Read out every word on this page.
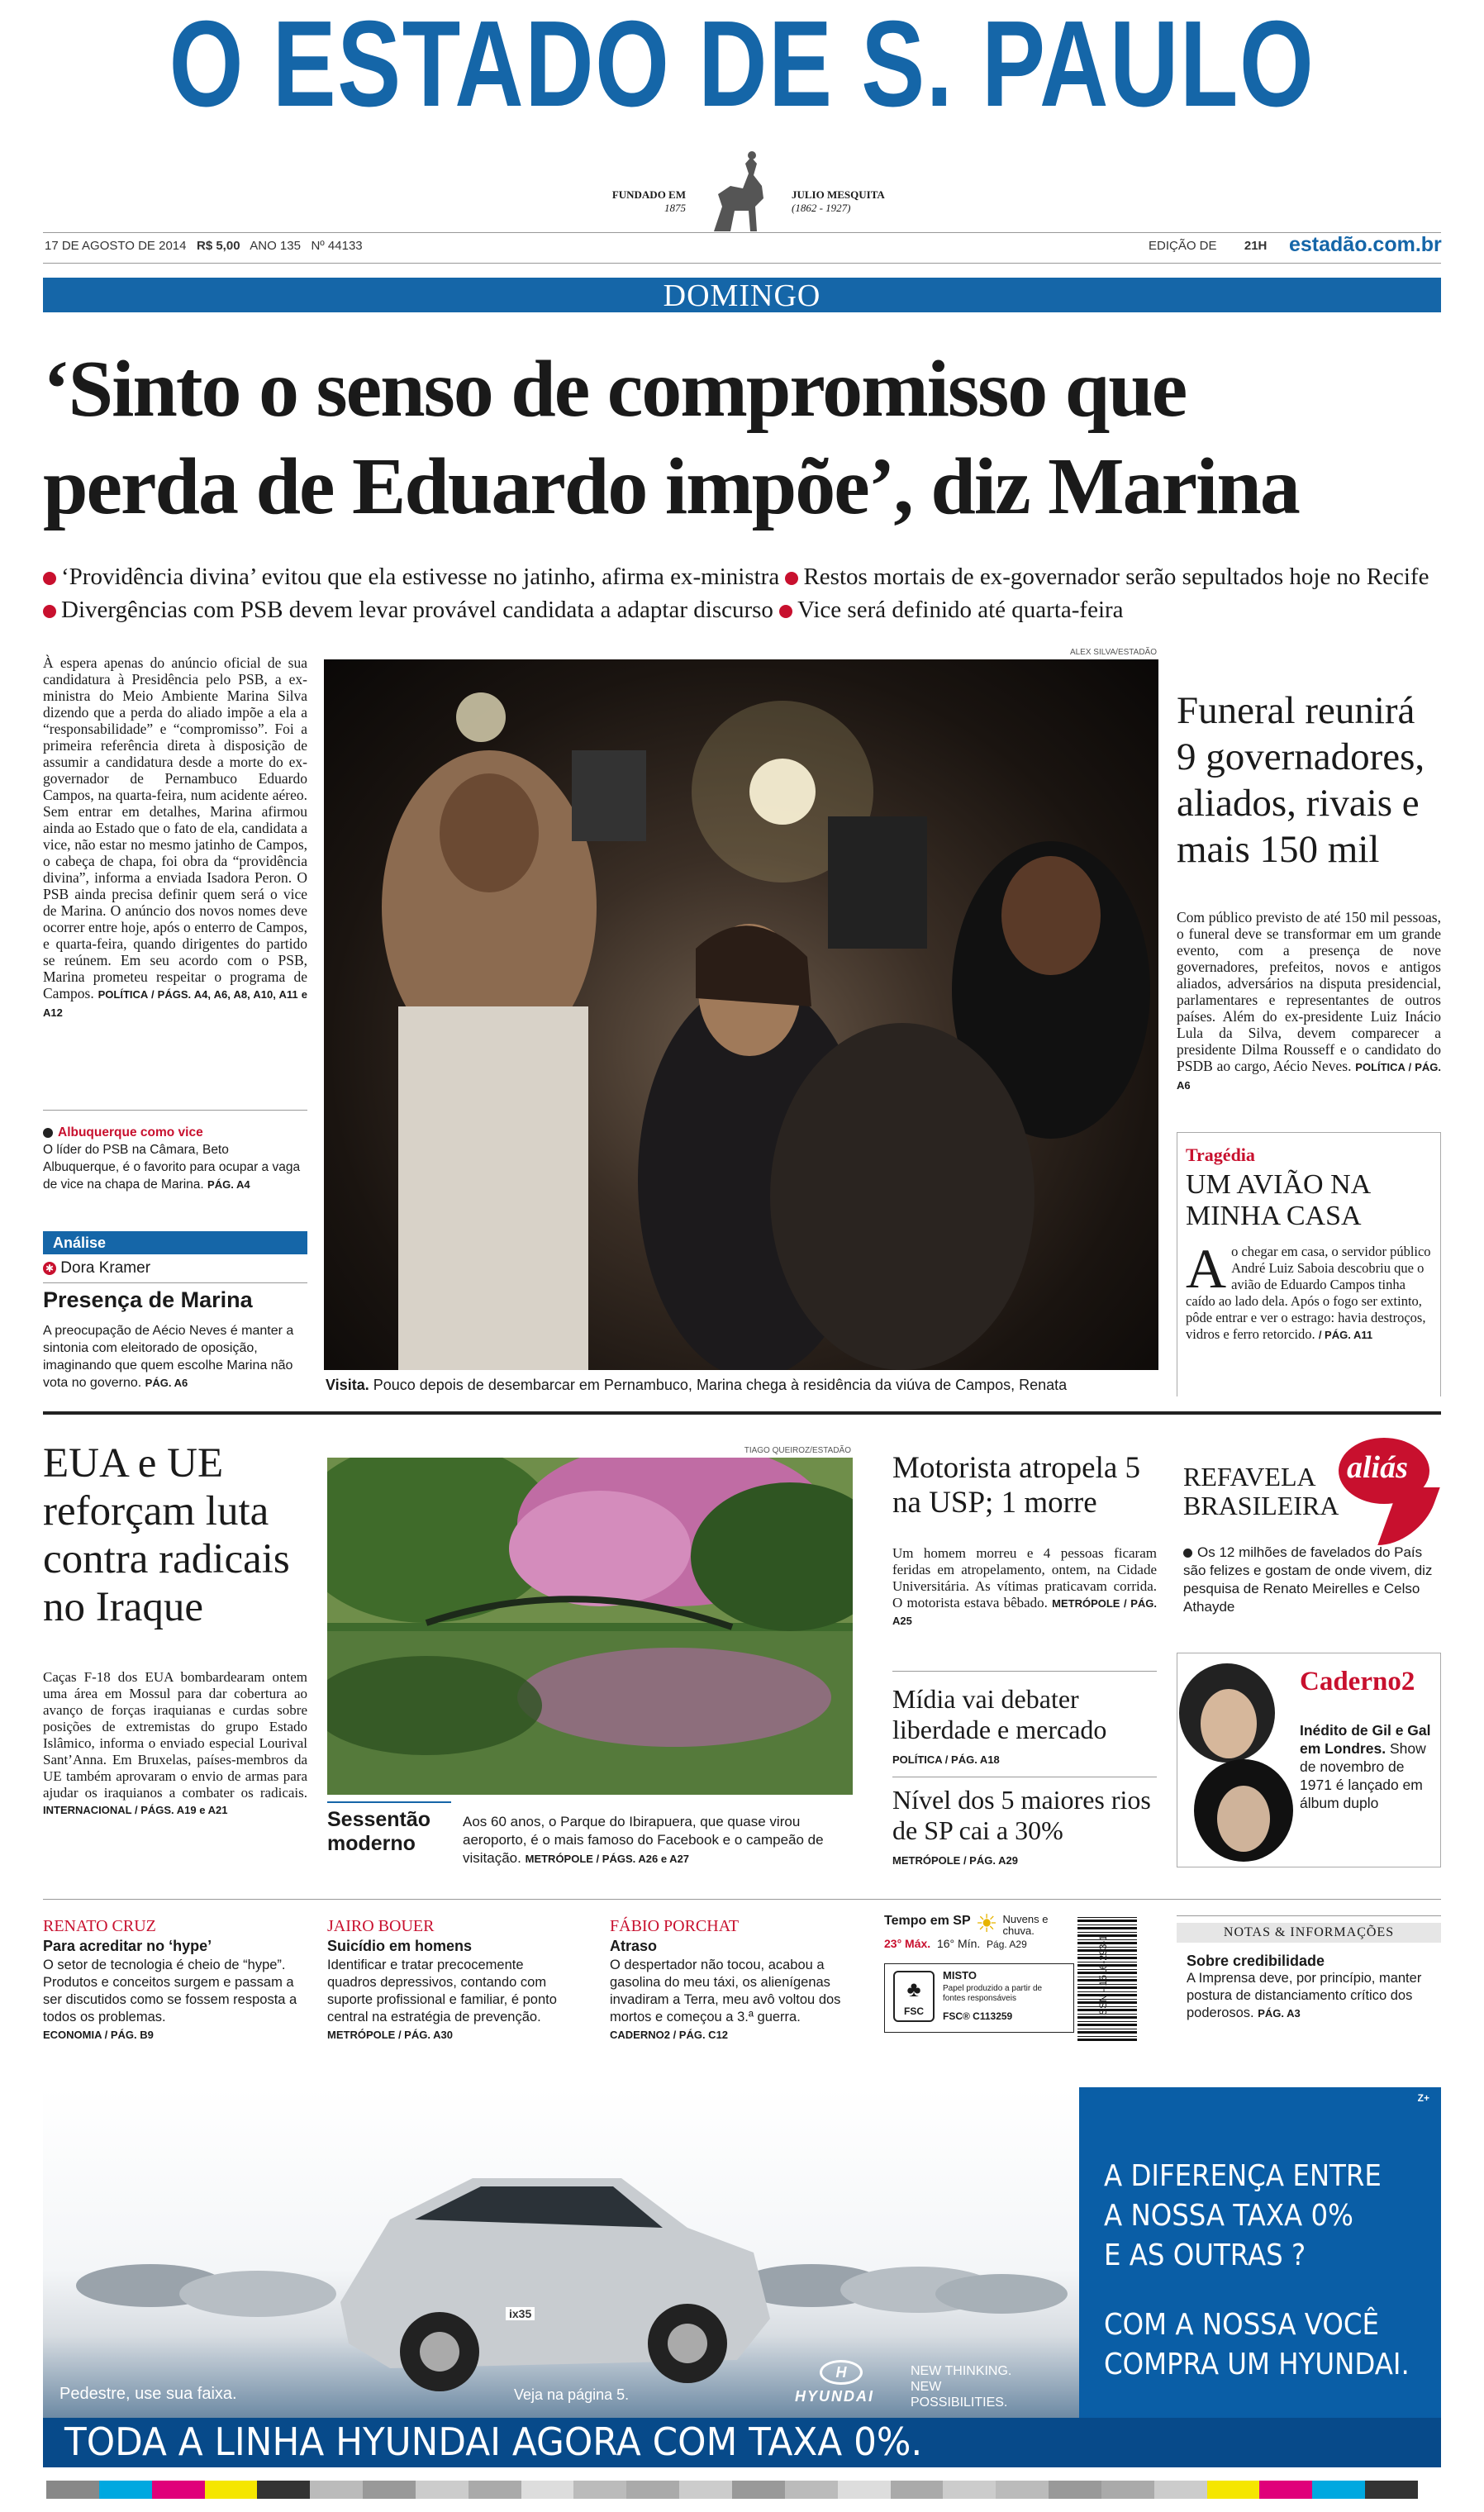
O ESTADO DE S. PAULO
FUNDADO EM
1875
JULIO MESQUITA
(1862 - 1927)
17 DE AGOSTO DE 2014 R$ 5,00 ANO 135 Nº 44133	EDIÇÃO DE 21H estadão.com.br
DOMINGO
‘Sinto o senso de compromisso que
perda de Eduardo impõe’, diz Marina
‘Providência divina’ evitou que ela estivesse no jatinho, afirma ex-ministra Restos mortais de ex-governador serão sepultados hoje no Recife Divergências com PSB devem levar provável candidata a adaptar discurso Vice será definido até quarta-feira
À espera apenas do anúncio oficial de sua candidatura à Presidência pelo PSB, a ex-ministra do Meio Ambiente Marina Silva dizendo que a perda do aliado impõe a ela a “responsabilidade” e “compromisso”. Foi a primeira referência direta à disposição de assumir a candidatura desde a morte do ex-governador de Pernambuco Eduardo Campos, na quarta-feira, num acidente aéreo. Sem entrar em detalhes, Marina afirmou ainda ao Estado que o fato de ela, candidata a vice, não estar no mesmo jatinho de Campos, o cabeça de chapa, foi obra da “providência divina”, informa a enviada Isadora Peron. O PSB ainda precisa definir quem será o vice de Marina. O anúncio dos novos nomes deve ocorrer entre hoje, após o enterro de Campos, e quarta-feira, quando dirigentes do partido se reúnem. Em seu acordo com o PSB, Marina prometeu respeitar o programa de Campos. POLÍTICA / PÁGS. A4, A6, A8, A10, A11 e A12
Albuquerque como vice
O líder do PSB na Câmara, Beto Albuquerque, é o favorito para ocupar a vaga de vice na chapa de Marina. PÁG. A4
Análise
✱ Dora Kramer
Presença de Marina
A preocupação de Aécio Neves é manter a sintonia com eleitorado de oposição, imaginando que quem escolhe Marina não vota no governo. PÁG. A6
ALEX SILVA/ESTADÃO
Visita. Pouco depois de desembarcar em Pernambuco, Marina chega à residência da viúva de Campos, Renata
Funeral reunirá 9 governadores, aliados, rivais e mais 150 mil
Com público previsto de até 150 mil pessoas, o funeral deve se transformar em um grande evento, com a presença de nove governadores, prefeitos, novos e antigos aliados, adversários na disputa presidencial, parlamentares e representantes de outros países. Além do ex-presidente Luiz Inácio Lula da Silva, devem comparecer a presidente Dilma Rousseff e o candidato do PSDB ao cargo, Aécio Neves. POLÍTICA / PÁG. A6
Tragédia
UM AVIÃO NA MINHA CASA
A o chegar em casa, o servidor público André Luiz Saboia descobriu que o avião de Eduardo Campos tinha caído ao lado dela. Após o fogo ser extinto, pôde entrar e ver o estrago: havia destroços, vidros e ferro retorcido. / PÁG. A11
EUA e UE reforçam luta contra radicais no Iraque
Caças F-18 dos EUA bombardearam ontem uma área em Mossul para dar cobertura ao avanço de forças iraquianas e curdas sobre posições de extremistas do grupo Estado Islâmico, informa o enviado especial Lourival Sant’Anna. Em Bruxelas, países-membros da UE também aprovaram o envio de armas para ajudar os iraquianos a combater os radicais. INTERNACIONAL / PÁGS. A19 e A21
TIAGO QUEIROZ/ESTADÃO
Sessentão moderno
Aos 60 anos, o Parque do Ibirapuera, que quase virou aeroporto, é o mais famoso do Facebook e o campeão de visitação. METRÓPOLE / PÁGS. A26 e A27
Motorista atropela 5 na USP; 1 morre
Um homem morreu e 4 pessoas ficaram feridas em atropelamento, ontem, na Cidade Universitária. As vítimas praticavam corrida. O motorista estava bêbado. METRÓPOLE / PÁG. A25
Mídia vai debater liberdade e mercado
POLÍTICA / PÁG. A18
Nível dos 5 maiores rios de SP cai a 30%
METRÓPOLE / PÁG. A29
REFAVELA BRASILEIRA
aliás
Os 12 milhões de favelados do País são felizes e gostam de onde vivem, diz pesquisa de Renato Meirelles e Celso Athayde
Caderno2
Inédito de Gil e Gal em Londres. Show de novembro de 1971 é lançado em álbum duplo
RENATO CRUZ
Para acreditar no ‘hype’
O setor de tecnologia é cheio de “hype”. Produtos e conceitos surgem e passam a ser discutidos como se fossem resposta a todos os problemas.
ECONOMIA / PÁG. B9
JAIRO BOUER
Suicídio em homens
Identificar e tratar precocemente quadros depressivos, contando com suporte profissional e familiar, é ponto central na estratégia de prevenção.
METRÓPOLE / PÁG. A30
FÁBIO PORCHAT
Atraso
O despertador não tocou, acabou a gasolina do meu táxi, os alienígenas invadiram a Terra, meu avô voltou dos mortos e começou a 3.ª guerra.
CADERNO2 / PÁG. C12
Tempo em SP ☀ Nuvens e chuva.
23° Máx. 16° Mín. Pág. A29
♣
FSC
MISTO
Papel produzido a partir de fontes responsáveis
FSC® C113259	ISSN - 1516-293-1
NOTAS & INFORMAÇÕES
Sobre credibilidade
A Imprensa deve, por princípio, manter postura de distanciamento crítico dos poderosos. PÁG. A3
ix35
Pedestre, use sua faixa.	Veja na página 5.
H
HYUNDAI
NEW THINKING. NEW POSSIBILITIES.
Z+
A DIFERENÇA ENTRE
A NOSSA TAXA 0%
E AS OUTRAS ?
COM A NOSSA VOCÊ
COMPRA UM HYUNDAI.
TODA A LINHA HYUNDAI AGORA COM TAXA 0%.
